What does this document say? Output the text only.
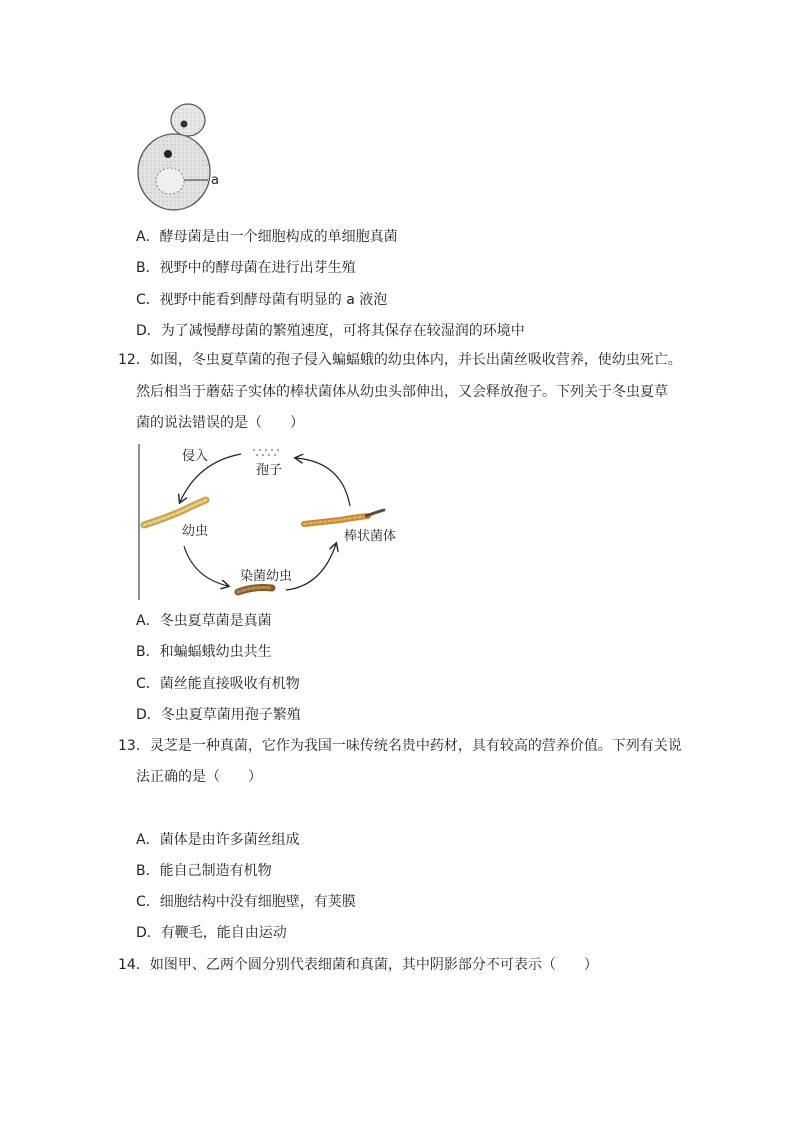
a
A．酵母菌是由一个细胞构成的单细胞真菌
B．视野中的酵母菌在进行出芽生殖
C．视野中能看到酵母菌有明显的 a 液泡
D．为了减慢酵母菌的繁殖速度，可将其保存在较湿润的环境中
12．如图，冬虫夏草菌的孢子侵入蝙蝠蛾的幼虫体内，并长出菌丝吸收营养，使幼虫死亡。
然后相当于蘑菇子实体的棒状菌体从幼虫头部伸出，又会释放孢子。下列关于冬虫夏草
菌的说法错误的是（　　）
孢子
侵入
幼虫
染菌幼虫
棒状菌体
A．冬虫夏草菌是真菌
B．和蝙蝠蛾幼虫共生
C．菌丝能直接吸收有机物
D．冬虫夏草菌用孢子繁殖
13．灵芝是一种真菌，它作为我国一味传统名贵中药材，具有较高的营养价值。下列有关说
法正确的是（　　）
A．菌体是由许多菌丝组成
B．能自己制造有机物
C．细胞结构中没有细胞壁，有荚膜
D．有鞭毛，能自由运动
14．如图甲、乙两个圆分别代表细菌和真菌，其中阴影部分不可表示（　　）
